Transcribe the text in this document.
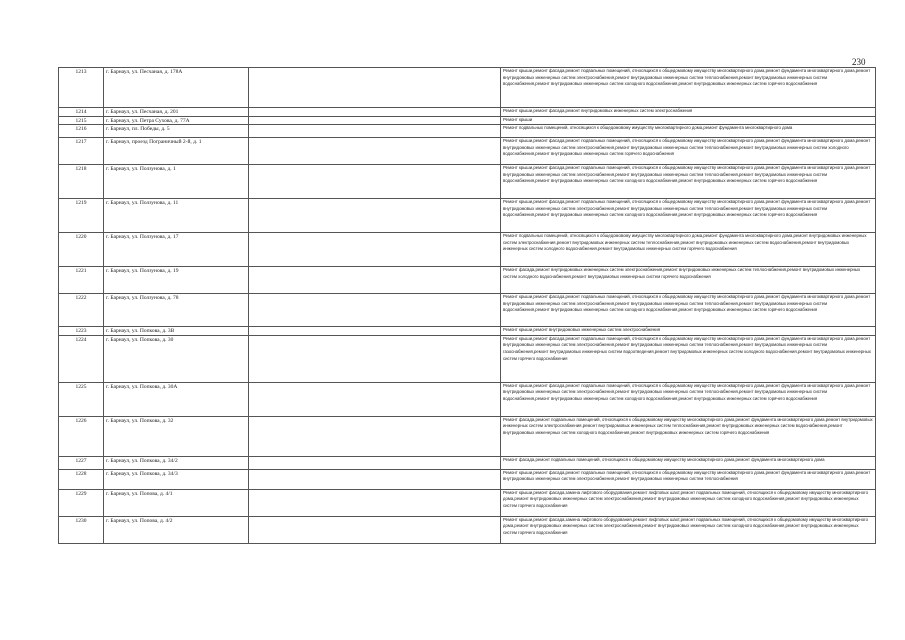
230
1213	г. Барнаул, ул. Песчаная, д. 178А		Ремонт крыши,ремонт фасада,ремонт подвальных помещений, относящихся к общедомовому имуществу многоквартирного дома,ремонт фундамента многоквартирного дома,ремонт внутридомовых инженерных систем электроснабжения,ремонт внутридомовых инженерных систем теплоснабжения,ремонт внутридомовых инженерных систем водоснабжения,ремонт внутридомовых инженерных систем холодного водоснабжения,ремонт внутридомовых инженерных систем горячего водоснабжения
1214	г. Барнаул, ул. Песчаная, д. 201		Ремонт крыши,ремонт фасада,ремонт внутридомовых инженерных систем электроснабжения
1215	г. Барнаул, ул. Петра Сухова, д. 77А		Ремонт крыши
1216	г. Барнаул, пл. Победы, д. 5		Ремонт подвальных помещений, относящихся к общедомовому имуществу многоквартирного дома,ремонт фундамента многоквартирного дома
1217	г. Барнаул, проезд Пограничный 2-й, д. 1		Ремонт крыши,ремонт фасада,ремонт подвальных помещений, относящихся к общедомовому имуществу многоквартирного дома,ремонт фундамента многоквартирного дома,ремонт внутридомовых инженерных систем электроснабжения,ремонт внутридомовых инженерных систем теплоснабжения,ремонт внутридомовых инженерных систем холодного водоснабжения,ремонт внутридомовых инженерных систем горячего водоснабжения
1218	г. Барнаул, ул. Ползунова, д. 1		Ремонт крыши,ремонт фасада,ремонт подвальных помещений, относящихся к общедомовому имуществу многоквартирного дома,ремонт фундамента многоквартирного дома,ремонт внутридомовых инженерных систем электроснабжения,ремонт внутридомовых инженерных систем теплоснабжения,ремонт внутридомовых инженерных систем водоснабжения,ремонт внутридомовых инженерных систем холодного водоснабжения,ремонт внутридомовых инженерных систем горячего водоснабжения
1219	г. Барнаул, ул. Ползунова, д. 11		Ремонт крыши,ремонт фасада,ремонт подвальных помещений, относящихся к общедомовому имуществу многоквартирного дома,ремонт фундамента многоквартирного дома,ремонт внутридомовых инженерных систем электроснабжения,ремонт внутридомовых инженерных систем теплоснабжения,ремонт внутридомовых инженерных систем водоснабжения,ремонт внутридомовых инженерных систем холодного водоснабжения,ремонт внутридомовых инженерных систем горячего водоснабжения
1220	г. Барнаул, ул. Ползунова, д. 17		Ремонт подвальных помещений, относящихся к общедомовому имуществу многоквартирного дома,ремонт фундамента многоквартирного дома,ремонт внутридомовых инженерных систем электроснабжения,ремонт внутридомовых инженерных систем теплоснабжения,ремонт внутридомовых инженерных систем водоснабжения,ремонт внутридомовых инженерных систем холодного водоснабжения,ремонт внутридомовых инженерных систем горячего водоснабжения
1221	г. Барнаул, ул. Ползунова, д. 19		Ремонт фасада,ремонт внутридомовых инженерных систем электроснабжения,ремонт внутридомовых инженерных систем теплоснабжения,ремонт внутридомовых инженерных систем холодного водоснабжения,ремонт внутридомовых инженерных систем горячего водоснабжения
1222	г. Барнаул, ул. Ползунова, д. 78		Ремонт крыши,ремонт фасада,ремонт подвальных помещений, относящихся к общедомовому имуществу многоквартирного дома,ремонт фундамента многоквартирного дома,ремонт внутридомовых инженерных систем электроснабжения,ремонт внутридомовых инженерных систем теплоснабжения,ремонт внутридомовых инженерных систем водоснабжения,ремонт внутридомовых инженерных систем холодного водоснабжения,ремонт внутридомовых инженерных систем горячего водоснабжения
1223	г. Барнаул, ул. Попкова, д. 3В		Ремонт крыши,ремонт внутридомовых инженерных систем электроснабжения
1224	г. Барнаул, ул. Попкова, д. 30		Ремонт крыши,ремонт фасада,ремонт подвальных помещений, относящихся к общедомовому имуществу многоквартирного дома,ремонт фундамента многоквартирного дома,ремонт внутридомовых инженерных систем электроснабжения,ремонт внутридомовых инженерных систем теплоснабжения,ремонт внутридомовых инженерных систем газоснабжения,ремонт внутридомовых инженерных систем водоотведения,ремонт внутридомовых инженерных систем холодного водоснабжения,ремонт внутридомовых инженерных систем горячего водоснабжения
1225	г. Барнаул, ул. Попкова, д. 30А		Ремонт крыши,ремонт фасада,ремонт подвальных помещений, относящихся к общедомовому имуществу многоквартирного дома,ремонт фундамента многоквартирного дома,ремонт внутридомовых инженерных систем электроснабжения,ремонт внутридомовых инженерных систем теплоснабжения,ремонт внутридомовых инженерных систем водоснабжения,ремонт внутридомовых инженерных систем холодного водоснабжения,ремонт внутридомовых инженерных систем горячего водоснабжения
1226	г. Барнаул, ул. Попкова, д. 32		Ремонт фасада,ремонт подвальных помещений, относящихся к общедомовому имуществу многоквартирного дома,ремонт фундамента многоквартирного дома,ремонт внутридомовых инженерных систем электроснабжения,ремонт внутридомовых инженерных систем теплоснабжения,ремонт внутридомовых инженерных систем водоснабжения,ремонт внутридомовых инженерных систем холодного водоснабжения,ремонт внутридомовых инженерных систем горячего водоснабжения
1227	г. Барнаул, ул. Попкова, д. 34/2		Ремонт фасада,ремонт подвальных помещений, относящихся к общедомовому имуществу многоквартирного дома,ремонт фундамента многоквартирного дома
1228	г. Барнаул, ул. Попкова, д. 34/3		Ремонт крыши,ремонт фасада,ремонт подвальных помещений, относящихся к общедомовому имуществу многоквартирного дома,ремонт фундамента многоквартирного дома,ремонт внутридомовых инженерных систем электроснабжения,ремонт внутридомовых инженерных систем теплоснабжения
1229	г. Барнаул, ул. Попова, д. 4/1		Ремонт крыши,ремонт фасада,замена лифтового оборудования,ремонт лифтовых шахт,ремонт подвальных помещений, относящихся к общедомовому имуществу многоквартирного дома,ремонт внутридомовых инженерных систем электроснабжения,ремонт внутридомовых инженерных систем холодного водоснабжения,ремонт внутридомовых инженерных систем горячего водоснабжения
1230	г. Барнаул, ул. Попова, д. 4/2		Ремонт крыши,ремонт фасада,замена лифтового оборудования,ремонт лифтовых шахт,ремонт подвальных помещений, относящихся к общедомовому имуществу многоквартирного дома,ремонт внутридомовых инженерных систем электроснабжения,ремонт внутридомовых инженерных систем холодного водоснабжения,ремонт внутридомовых инженерных систем горячего водоснабжения
